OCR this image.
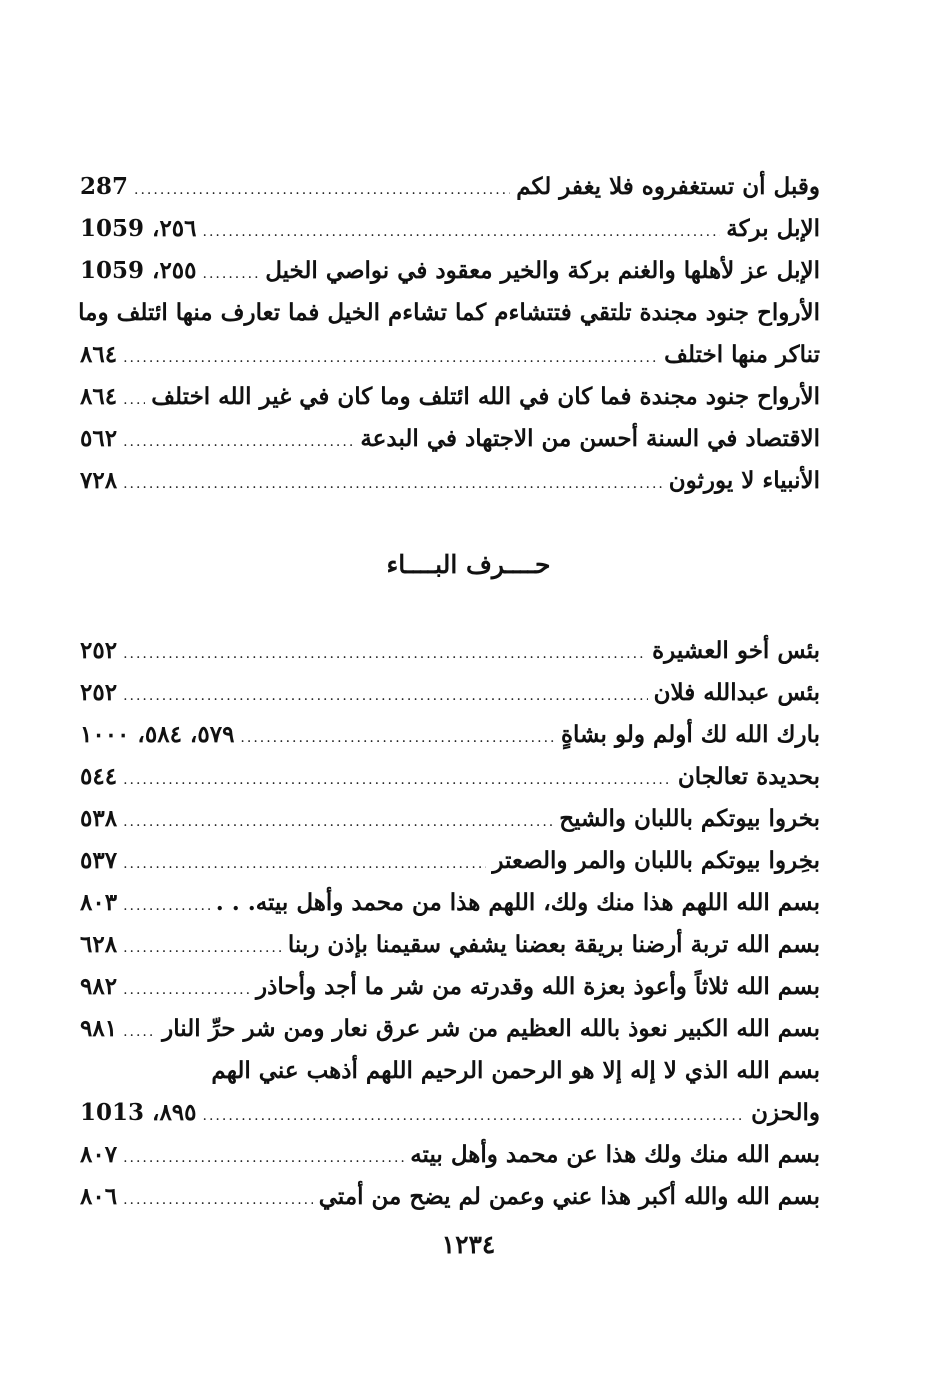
وقبل أن تستغفروه فلا يغفر لكم
.....
287
الإبل بركة
.....
٢٥٦، 1059
الإبل عز لأهلها والغنم بركة والخير معقود في نواصي الخيل
.....
٢٥٥، 1059
الأرواح جنود مجندة تلتقي فتتشاءم كما تشاءم الخيل فما تعارف منها ائتلف وما
تناكر منها اختلف
.....
٨٦٤
الأرواح جنود مجندة فما كان في الله ائتلف وما كان في غير الله اختلف
.....
٨٦٤
الاقتصاد في السنة أحسن من الاجتهاد في البدعة
.....
٥٦٢
الأنبياء لا يورثون
.....
٧٢٨
حــــرف البــــاء
بئس أخو العشيرة
.....
٢٥٢
بئس عبدالله فلان
.....
٢٥٢
بارك الله لك أولم ولو بشاةٍ
.....
٥٧٩، ٥٨٤، ١٠٠٠
بحديدة تعالجان
.....
٥٤٤
بخروا بيوتكم باللبان والشيح
.....
٥٣٨
بخِروا بيوتكم باللبان والمر والصعتر
.....
٥٣٧
بسم الله اللهم هذا منك ولك، اللهم هذا من محمد وأهل بيته. . .
.....
٨٠٣
بسم الله تربة أرضنا بريقة بعضنا يشفي سقيمنا بإذن ربنا
.....
٦٢٨
بسم الله ثلاثاً وأعوذ بعزة الله وقدرته من شر ما أجد وأحاذر
.....
٩٨٢
بسم الله الكبير نعوذ بالله العظيم من شر عرق نعار ومن شر حرِّ النار
.....
٩٨١
بسم الله الذي لا إله إلا هو الرحمن الرحيم اللهم أذهب عني الهم
والحزن
.....
٨٩٥، 1013
بسم الله منك ولك هذا عن محمد وأهل بيته
.....
٨٠٧
بسم الله والله أكبر هذا عني وعمن لم يضح من أمتي
.....
٨٠٦
١٢٣٤
